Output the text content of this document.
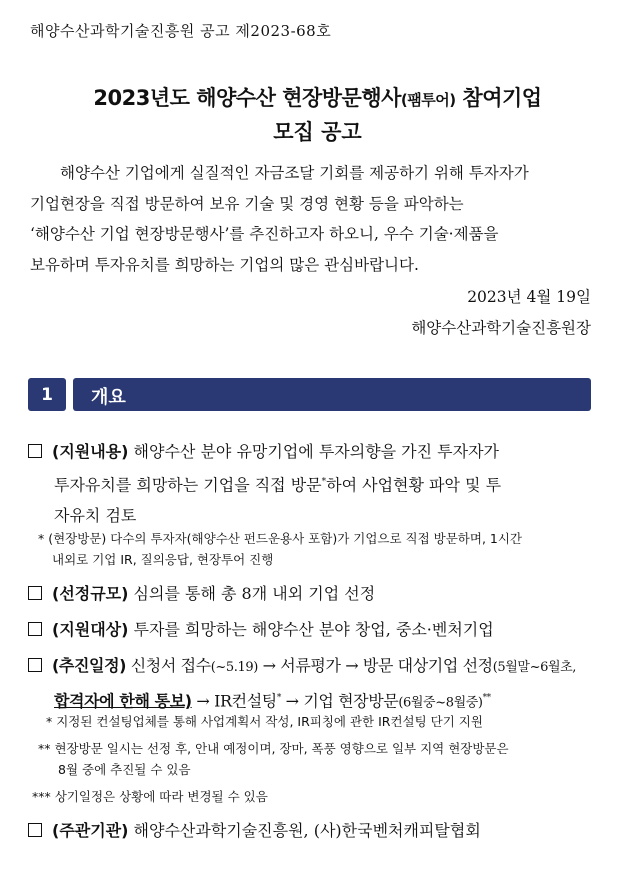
해양수산과학기술진흥원 공고 제2023-68호
2023년도 해양수산 현장방문행사(팸투어) 참여기업
모집 공고
해양수산 기업에게 실질적인 자금조달 기회를 제공하기 위해 투자자가
기업현장을 직접 방문하여 보유 기술 및 경영 현황 등을 파악하는
‘해양수산 기업 현장방문행사’를 추진하고자 하오니, 우수 기술·제품을
보유하며 투자유치를 희망하는 기업의 많은 관심바랍니다.
2023년 4월 19일
해양수산과학기술진흥원장
1	개요
(지원내용) 해양수산 분야 유망기업에 투자의향을 가진 투자자가
투자유치를 희망하는 기업을 직접 방문*하여 사업현황 파악 및 투
자유치 검토
* (현장방문) 다수의 투자자(해양수산 펀드운용사 포함)가 기업으로 직접 방문하며, 1시간
내외로 기업 IR, 질의응답, 현장투어 진행
(선정규모) 심의를 통해 총 8개 내외 기업 선정
(지원대상) 투자를 희망하는 해양수산 분야 창업, 중소·벤처기업
(추진일정) 신청서 접수(~5.19) → 서류평가 → 방문 대상기업 선정(5월말~6월초,
합격자에 한해 통보) → IR컨설팅* → 기업 현장방문(6월중~8월중)**
* 지정된 컨설팅업체를 통해 사업계획서 작성, IR피칭에 관한 IR컨설팅 단기 지원
** 현장방문 일시는 선정 후, 안내 예정이며, 장마, 폭풍 영향으로 일부 지역 현장방문은
8월 중에 추진될 수 있음
*** 상기일정은 상황에 따라 변경될 수 있음
(주관기관) 해양수산과학기술진흥원, (사)한국벤처캐피탈협회
